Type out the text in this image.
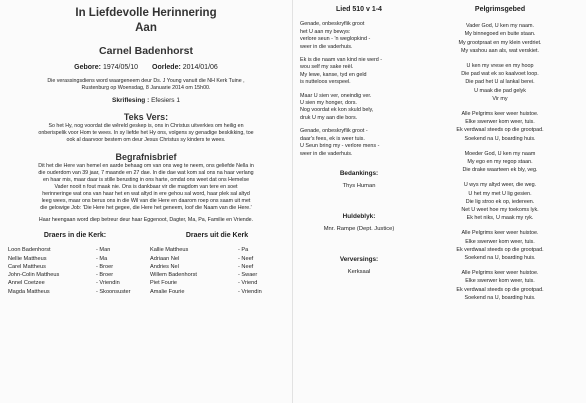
In Liefdevolle Herinnering
Aan
Carnel Badenhorst
Gebore: 1974/05/10 Oorlede: 2014/01/06
Die verassingsdiens word waargeneem deur Ds. J Young vanuit die NH Kerk Tuine ,
Rustenburg op Woensdag, 8 Januarie 2014 om 15h00.
Skriflesing : Efesiers 1
Teks Vers:
So het Hy, nog voordat die wêreld geskep is, ons in Christus uitverkies om heilig en
onberispelik voor Hom te wees. In sy liefde het Hy ons, volgens sy genadige beskikking, toe
ook al daarvoor bestem om deur Jesus Christus sy kinders te wees.
Begrafnisbrief
Dit het die Here van hemel en aarde behaag om van ons weg te neem, ons geliefde Nella in
die ouderdom van 39 jaar, 7 maande en 27 dae. In die dae wat kom sal ons na haar verlang
en haar mis, maar daar is stille berusting in ons harte, omdat ons weet dat ons Hemelse
Vader nooit n fout maak nie. Ons is dankbaar vir die magdom van tere en soet
herinneringe wat ons van haar het en wat altyd in ere gehou sal word, haar plek sal altyd
leeg wees, maar ons berus ons in die Wil van die Here en daarom roep ons saam uit met
die gelowige Job: 'Die Here het gegee, die Here het geneem, loof die Naam van die Here.'
Haar heengaan word diep betreur deur haar Eggenoot, Dagter, Ma, Pa, Familie en Vriende.
Draers in die Kerk:
Loon Badenhorst	- Man
Nellie Mattheus	- Ma
Carel Mattheus	- Broer
John-Colin Mattheus	- Broer
Annel Coetzee	- Vriendin
Magda Mattheus	- Skoonsuster
Draers uit die Kerk
Kallie Mattheus	- Pa
Adriaan Nel	- Neef
Andries Nel	- Neef
Willem Badenhorst	- Swaer
Piet Fourie	- Vriend
Amalie Fourie	- Vriendin
Lied 510 v 1-4
Genade, onbeskryflik groot
het U aan my bewys:
verlore seun - 'n weglopkind -
weer in die vaderhuis.
Ek is die naam van kind nie werd -
wou self my sake reël.
My lewe, kanse, tyd en geld
is nutteloos verspeel.
Maar U sien ver, oneindig ver.
U sien my honger, dors.
Nog voordat ek kon skuld bely,
druk U my aan die bors.
Genade, onbeskryflik groot -
daar's fees, ek is weer tuis.
U Seun bring my - verlore mens -
weer in die vaderhuis.
Bedankings:
Thys Human
Huldeblyk:
Mnr. Rampe (Dept. Justice)
Verversings:
Kerksaal
Pelgrimsgebed
Vader God, U ken my naam.
My binnegoed en buite staan.
My grootpraat en my klein verdriet.
My vashou aan als, wat verskiet.
U ken my vrese en my hoop
Die pad wat ek so kaalvoet loop.
Die pad het U al lankal berei.
U maak die pad gelyk
Vir my
Alle Pelgrims keer weer huistoe.
Elke swerwer kom weer, tuis.
Ek verdwaal steeds op die grootpad.
Soekend na U, boarding huis.
Moeder God, U ken my naam
My ego en my regop staan.
Die drake waarteen ek bly, veg.
U wys my altyd weer, die weg.
U het my met U lig gesien.
Die lig stroo ek op, iedereen.
Net U weet hoe my toekoms lyk.
Ek het niks, U maak my ryk.
Alle Pelgrims keer weer huistoe.
Elke swerwer kom weer, tuis.
Ek verdwaal steeds op die grootpad.
Soekend na U, boarding huis.
Alle Pelgrims keer weer huistoe.
Elke swerwer kom weer, tuis.
Ek verdwaal steeds op die grootpad.
Soekend na U, boarding huis.
